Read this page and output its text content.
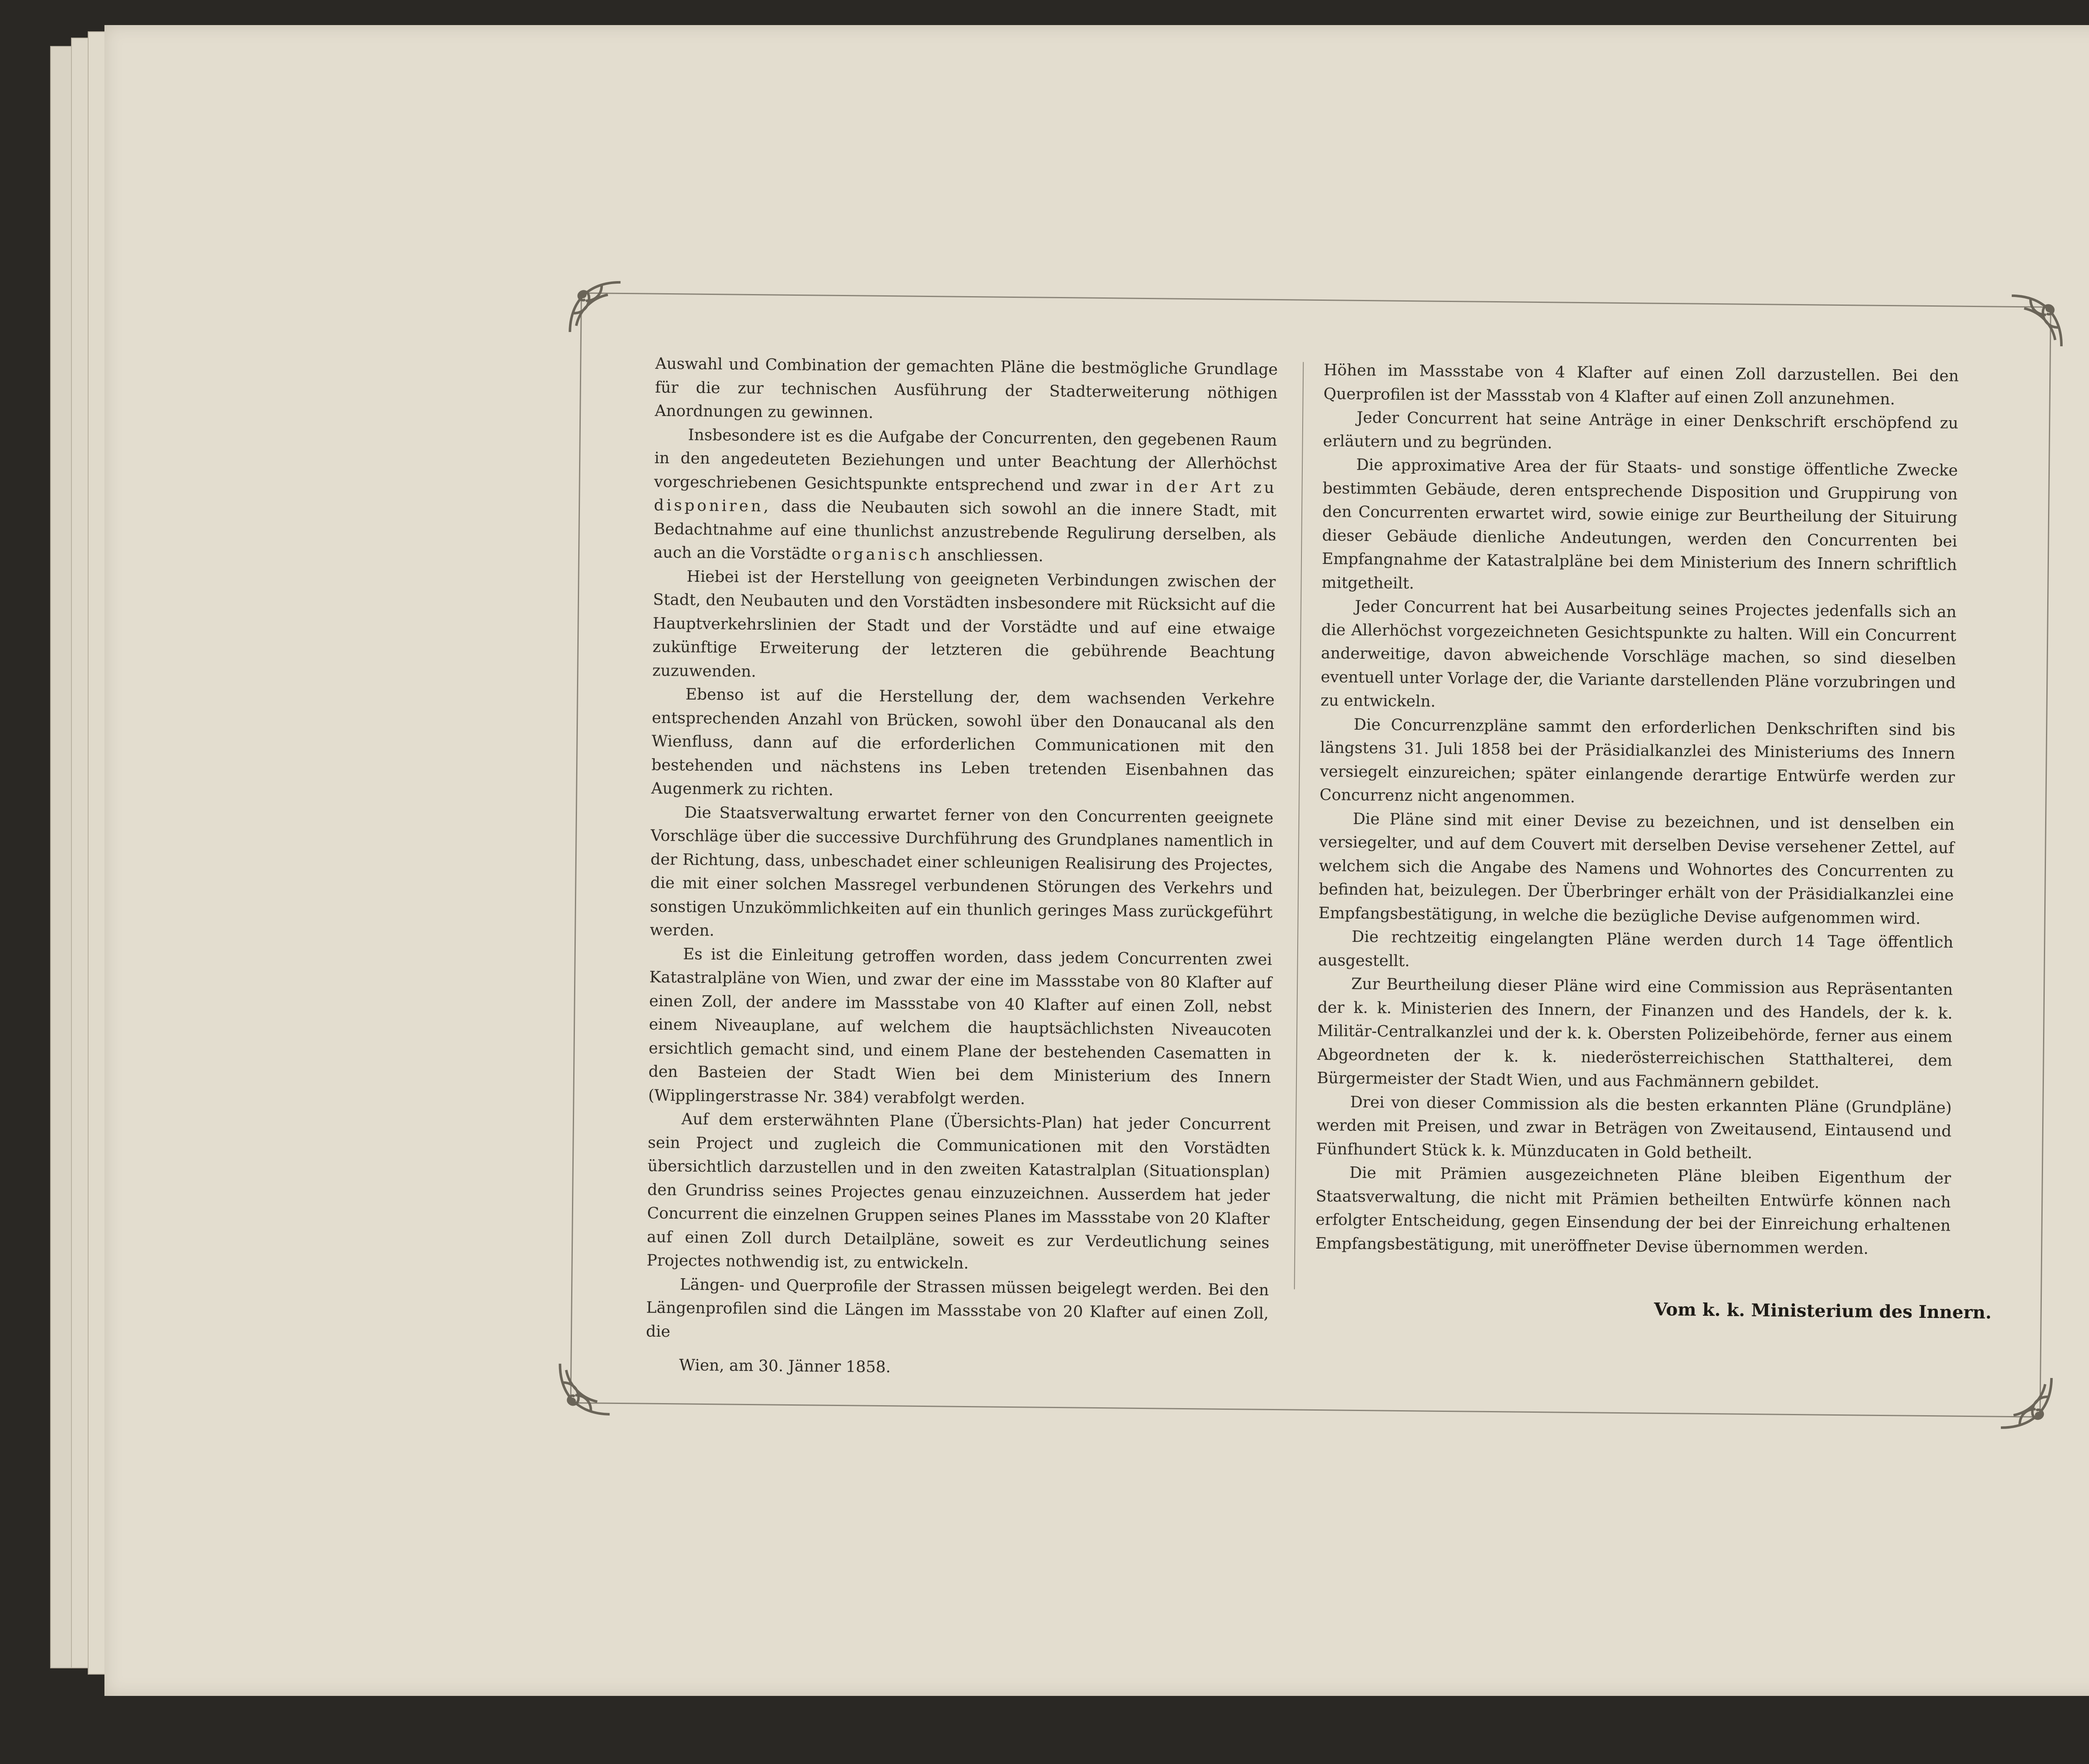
Auswahl und Combination der gemachten Pläne die bestmögliche Grundlage für die zur technischen Ausführung der Stadterweiterung nöthigen Anordnungen zu gewinnen.

Insbesondere ist es die Aufgabe der Concurrenten, den gegebenen Raum in den angedeuteten Beziehungen und unter Beachtung der Allerhöchst vorgeschriebenen Gesichtspunkte entsprechend und zwar in der Art zu disponiren, dass die Neubauten sich sowohl an die innere Stadt, mit Bedachtnahme auf eine thunlichst anzustrebende Regulirung derselben, als auch an die Vorstädte organisch anschliessen.

Hiebei ist der Herstellung von geeigneten Verbindungen zwischen der Stadt, den Neubauten und den Vorstädten insbesondere mit Rücksicht auf die Hauptverkehrslinien der Stadt und der Vorstädte und auf eine etwaige zukünftige Erweiterung der letzteren die gebührende Beachtung zuzuwenden.

Ebenso ist auf die Herstellung der, dem wachsenden Verkehre entsprechenden Anzahl von Brücken, sowohl über den Donaucanal als den Wienfluss, dann auf die erforderlichen Communicationen mit den bestehenden und nächstens ins Leben tretenden Eisenbahnen das Augenmerk zu richten.

Die Staatsverwaltung erwartet ferner von den Concurrenten geeignete Vorschläge über die successive Durchführung des Grundplanes namentlich in der Richtung, dass, unbeschadet einer schleunigen Realisirung des Projectes, die mit einer solchen Massregel verbundenen Störungen des Verkehrs und sonstigen Unzukömmlichkeiten auf ein thunlich geringes Mass zurückgeführt werden.

Es ist die Einleitung getroffen worden, dass jedem Concurrenten zwei Katastralpläne von Wien, und zwar der eine im Massstabe von 80 Klafter auf einen Zoll, der andere im Massstabe von 40 Klafter auf einen Zoll, nebst einem Niveauplane, auf welchem die hauptsächlichsten Niveaucoten ersichtlich gemacht sind, und einem Plane der bestehenden Casematten in den Basteien der Stadt Wien bei dem Ministerium des Innern (Wipplingerstrasse Nr. 384) verabfolgt werden.

Auf dem ersterwähnten Plane (Übersichts-Plan) hat jeder Concurrent sein Project und zugleich die Communicationen mit den Vorstädten übersichtlich darzustellen und in den zweiten Katastralplan (Situationsplan) den Grundriss seines Projectes genau einzuzeichnen. Ausserdem hat jeder Concurrent die einzelnen Gruppen seines Planes im Massstabe von 20 Klafter auf einen Zoll durch Detailpläne, soweit es zur Verdeutlichung seines Projectes nothwendig ist, zu entwickeln.

Längen- und Querprofile der Strassen müssen beigelegt werden. Bei den Längenprofilen sind die Längen im Massstabe von 20 Klafter auf einen Zoll, die

Wien, am 30. Jänner 1858.

Höhen im Massstabe von 4 Klafter auf einen Zoll darzustellen. Bei den Querprofilen ist der Massstab von 4 Klafter auf einen Zoll anzunehmen.

Jeder Concurrent hat seine Anträge in einer Denkschrift erschöpfend zu erläutern und zu begründen.

Die approximative Area der für Staats- und sonstige öffentliche Zwecke bestimmten Gebäude, deren entsprechende Disposition und Gruppirung von den Concurrenten erwartet wird, sowie einige zur Beurtheilung der Situirung dieser Gebäude dienliche Andeutungen, werden den Concurrenten bei Empfangnahme der Katastralpläne bei dem Ministerium des Innern schriftlich mitgetheilt.

Jeder Concurrent hat bei Ausarbeitung seines Projectes jedenfalls sich an die Allerhöchst vorgezeichneten Gesichtspunkte zu halten. Will ein Concurrent anderweitige, davon abweichende Vorschläge machen, so sind dieselben eventuell unter Vorlage der, die Variante darstellenden Pläne vorzubringen und zu entwickeln.

Die Concurrenzpläne sammt den erforderlichen Denkschriften sind bis längstens 31. Juli 1858 bei der Präsidialkanzlei des Ministeriums des Innern versiegelt einzureichen; später einlangende derartige Entwürfe werden zur Concurrenz nicht angenommen.

Die Pläne sind mit einer Devise zu bezeichnen, und ist denselben ein versiegelter, und auf dem Couvert mit derselben Devise versehener Zettel, auf welchem sich die Angabe des Namens und Wohnortes des Concurrenten zu befinden hat, beizulegen. Der Überbringer erhält von der Präsidialkanzlei eine Empfangsbestätigung, in welche die bezügliche Devise aufgenommen wird.

Die rechtzeitig eingelangten Pläne werden durch 14 Tage öffentlich ausgestellt.

Zur Beurtheilung dieser Pläne wird eine Commission aus Repräsentanten der k. k. Ministerien des Innern, der Finanzen und des Handels, der k. k. Militär-Centralkanzlei und der k. k. Obersten Polizeibehörde, ferner aus einem Abgeordneten der k. k. niederösterreichischen Statthalterei, dem Bürgermeister der Stadt Wien, und aus Fachmännern gebildet.

Drei von dieser Commission als die besten erkannten Pläne (Grundpläne) werden mit Preisen, und zwar in Beträgen von Zweitausend, Eintausend und Fünfhundert Stück k. k. Münzducaten in Gold betheilt.

Die mit Prämien ausgezeichneten Pläne bleiben Eigenthum der Staatsverwaltung, die nicht mit Prämien betheilten Entwürfe können nach erfolgter Entscheidung, gegen Einsendung der bei der Einreichung erhaltenen Empfangsbestätigung, mit uneröffneter Devise übernommen werden.

Vom k. k. Ministerium des Innern.
